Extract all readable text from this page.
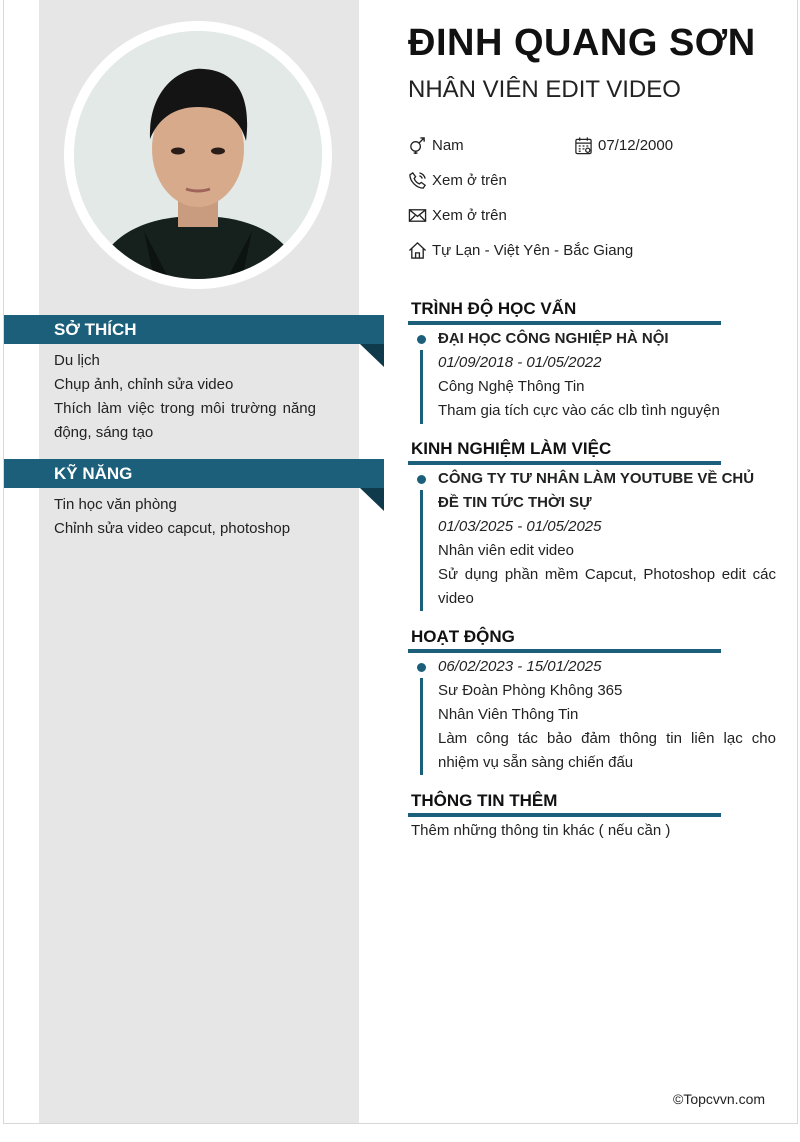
SỞ THÍCH
Du lịch
Chụp ảnh, chỉnh sửa video
Thích làm việc trong môi trường năng động, sáng tạo
KỸ NĂNG
Tin học văn phòng
Chỉnh sửa video capcut, photoshop
ĐINH QUANG SƠN
NHÂN VIÊN EDIT VIDEO
Nam	07/12/2000
Xem ở trên
Xem ở trên
Tự Lạn - Việt Yên - Bắc Giang
TRÌNH ĐỘ HỌC VẤN
ĐẠI HỌC CÔNG NGHIỆP HÀ NỘI
01/09/2018 - 01/05/2022
Công Nghệ Thông Tin
Tham gia tích cực vào các clb tình nguyện
KINH NGHIỆM LÀM VIỆC
CÔNG TY TƯ NHÂN LÀM YOUTUBE VỀ CHỦ ĐỀ TIN TỨC THỜI SỰ
01/03/2025 - 01/05/2025
Nhân viên edit video
Sử dụng phần mềm Capcut, Photoshop edit các video
HOẠT ĐỘNG
06/02/2023 - 15/01/2025
Sư Đoàn Phòng Không 365
Nhân Viên Thông Tin
Làm công tác bảo đảm thông tin liên lạc cho nhiệm vụ sẵn sàng chiến đấu
THÔNG TIN THÊM
Thêm những thông tin khác ( nếu cần )
©Topcvvn.com
